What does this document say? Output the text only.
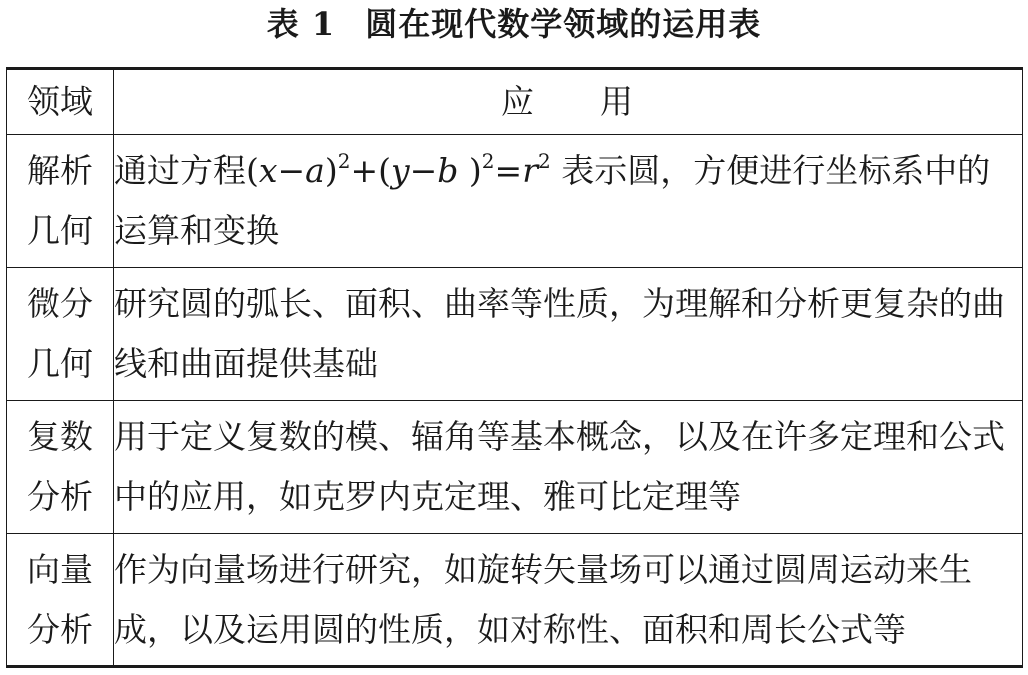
表 1 圆在现代数学领域的运用表
领域	应 用

解析
几何	通过方程$(x-a)^2+(y-b$ )$^2=r^2$ 表示圆，方便进行坐标系中的运算和变换

微分
几何	研究圆的弧长、面积、曲率等性质，为理解和分析更复杂的曲线和曲面提供基础

复数
分析	用于定义复数的模、辐角等基本概念，以及在许多定理和公式中的应用，如克罗内克定理、雅可比定理等

向量
分析	作为向量场进行研究，如旋转矢量场可以通过圆周运动来生成，以及运用圆的性质，如对称性、面积和周长公式等
